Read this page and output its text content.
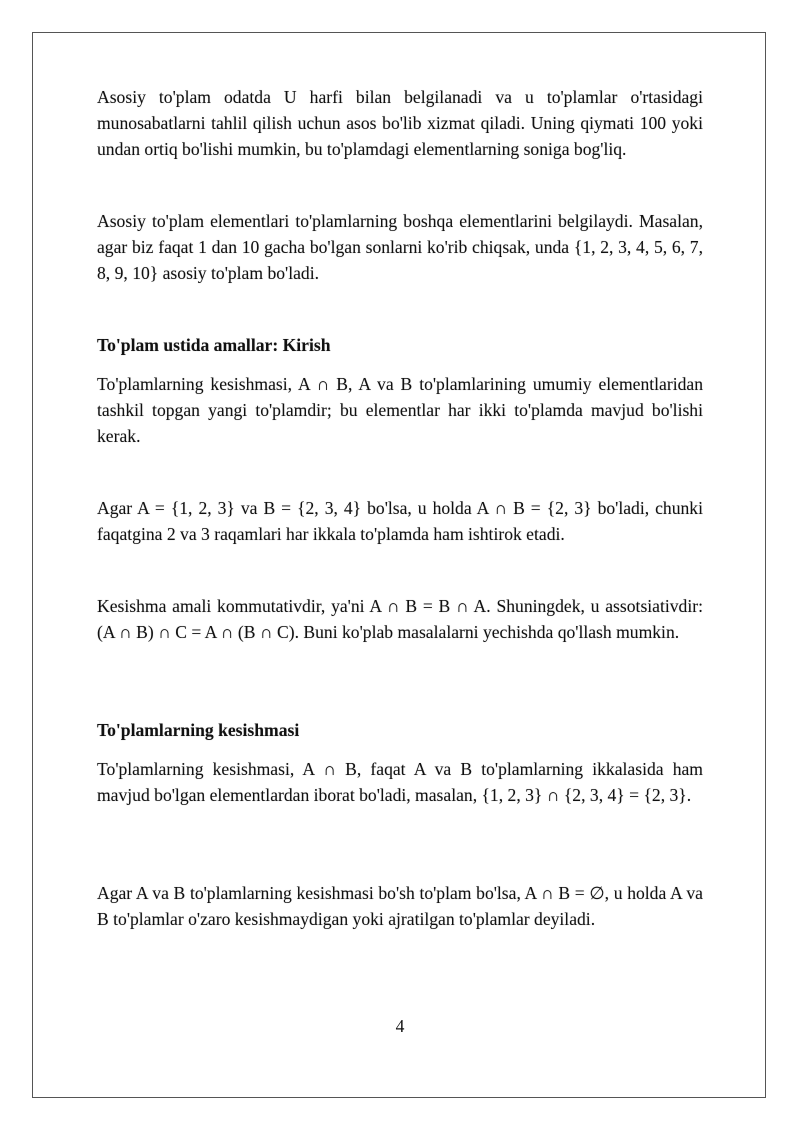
Asosiy to'plam odatda U harfi bilan belgilanadi va u to'plamlar o'rtasidagi munosabatlarni tahlil qilish uchun asos bo'lib xizmat qiladi. Uning qiymati 100 yoki undan ortiq bo'lishi mumkin, bu to'plamdagi elementlarning soniga bog'liq.

Asosiy to'plam elementlari to'plamlarning boshqa elementlarini belgilaydi. Masalan, agar biz faqat 1 dan 10 gacha bo'lgan sonlarni ko'rib chiqsak, unda {1, 2, 3, 4, 5, 6, 7, 8, 9, 10} asosiy to'plam bo'ladi.

To'plam ustida amallar: Kirish

To'plamlarning kesishmasi, A ∩ B, A va B to'plamlarining umumiy elementlaridan tashkil topgan yangi to'plamdir; bu elementlar har ikki to'plamda mavjud bo'lishi kerak.

Agar A = {1, 2, 3} va B = {2, 3, 4} bo'lsa, u holda A ∩ B = {2, 3} bo'ladi, chunki faqatgina 2 va 3 raqamlari har ikkala to'plamda ham ishtirok etadi.

Kesishma amali kommutativdir, ya'ni A ∩ B = B ∩ A. Shuningdek, u assotsiativdir: (A ∩ B) ∩ C = A ∩ (B ∩ C). Buni ko'plab masalalarni yechishda qo'llash mumkin.

To'plamlarning kesishmasi

To'plamlarning kesishmasi, A ∩ B, faqat A va B to'plamlarning ikkalasida ham mavjud bo'lgan elementlardan iborat bo'ladi, masalan, {1, 2, 3} ∩ {2, 3, 4} = {2, 3}.

Agar A va B to'plamlarning kesishmasi bo'sh to'plam bo'lsa, A ∩ B = ∅, u holda A va B to'plamlar o'zaro kesishmaydigan yoki ajratilgan to'plamlar deyiladi.

4
